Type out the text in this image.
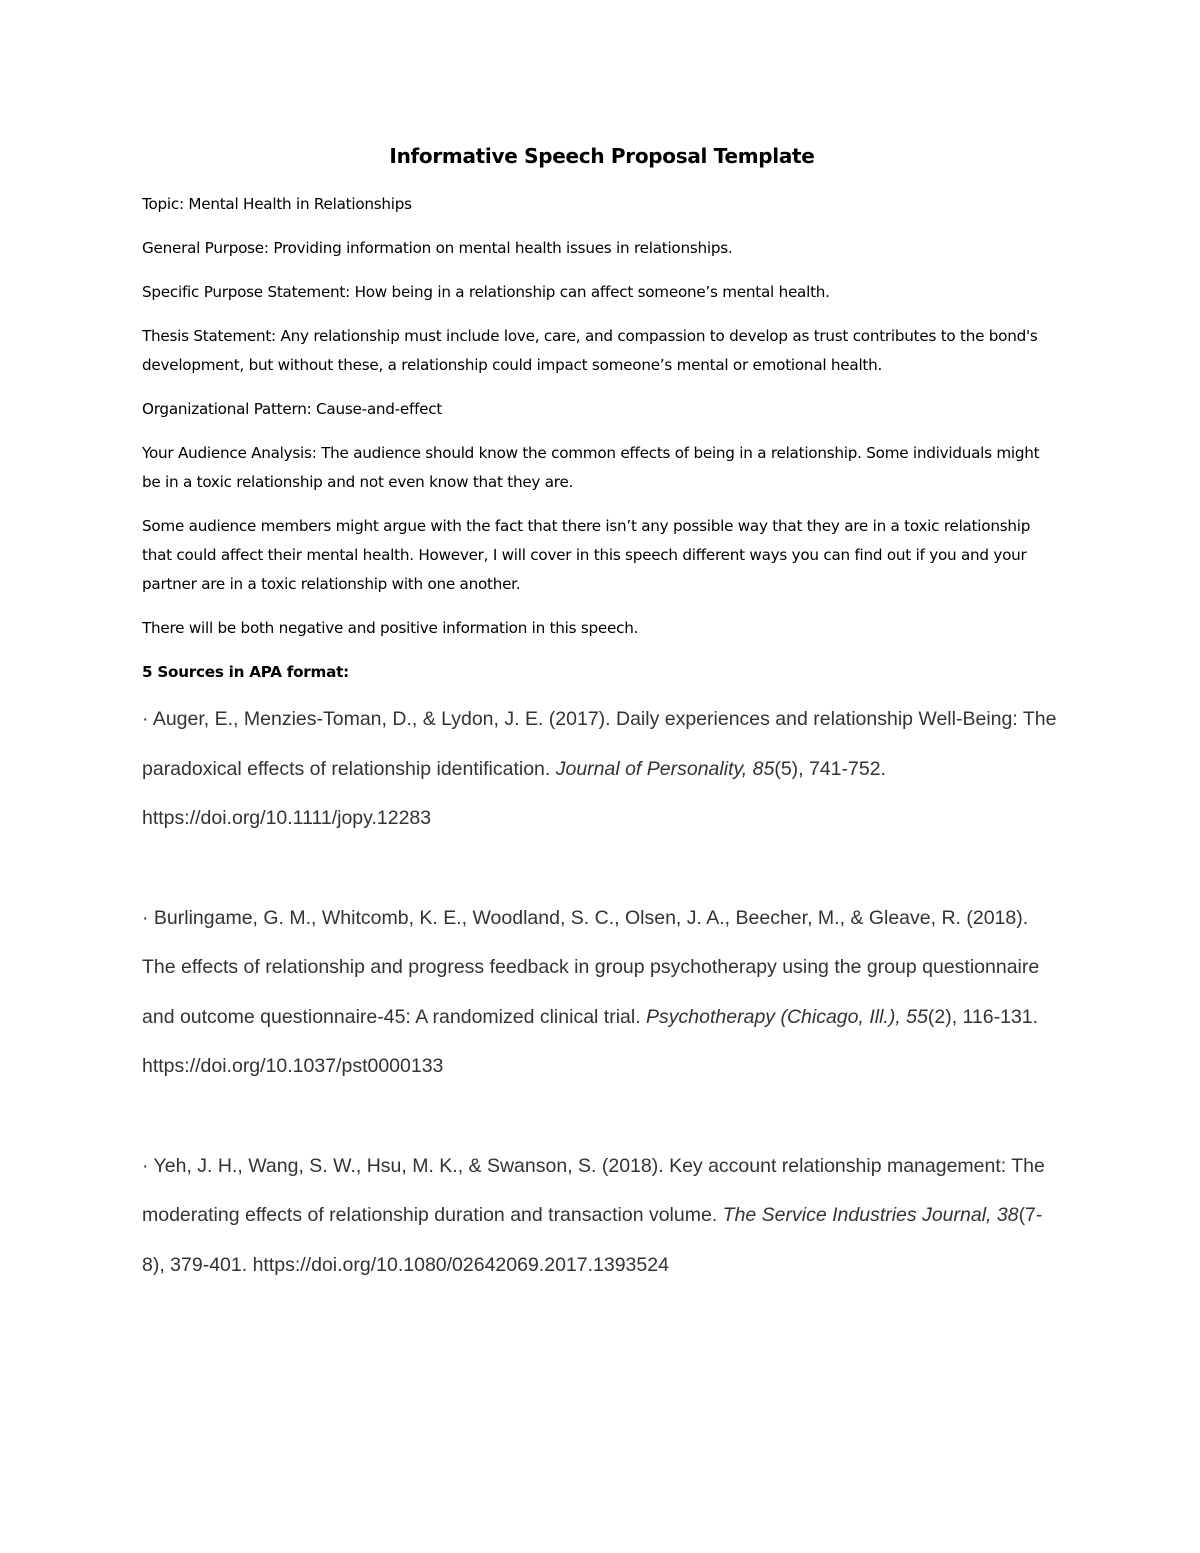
Informative Speech Proposal Template

Topic: Mental Health in Relationships

General Purpose: Providing information on mental health issues in relationships.

Specific Purpose Statement: How being in a relationship can affect someone’s mental health.

Thesis Statement: Any relationship must include love, care, and compassion to develop as trust contributes to the bond's development, but without these, a relationship could impact someone’s mental or emotional health.

Organizational Pattern: Cause-and-effect

Your Audience Analysis: The audience should know the common effects of being in a relationship. Some individuals might be in a toxic relationship and not even know that they are.

Some audience members might argue with the fact that there isn’t any possible way that they are in a toxic relationship that could affect their mental health. However, I will cover in this speech different ways you can find out if you and your partner are in a toxic relationship with one another.

There will be both negative and positive information in this speech.

5 Sources in APA format:

· Auger, E., Menzies-Toman, D., & Lydon, J. E. (2017). Daily experiences and relationship Well-Being: The paradoxical effects of relationship identification. Journal of Personality, 85(5), 741-752. https://doi.org/10.1111/jopy.12283

· Burlingame, G. M., Whitcomb, K. E., Woodland, S. C., Olsen, J. A., Beecher, M., & Gleave, R. (2018). The effects of relationship and progress feedback in group psychotherapy using the group questionnaire and outcome questionnaire-45: A randomized clinical trial. Psychotherapy (Chicago, Ill.), 55(2), 116-131. https://doi.org/10.1037/pst0000133

· Yeh, J. H., Wang, S. W., Hsu, M. K., & Swanson, S. (2018). Key account relationship management: The moderating effects of relationship duration and transaction volume. The Service Industries Journal, 38(7-8), 379-401. https://doi.org/10.1080/02642069.2017.1393524
